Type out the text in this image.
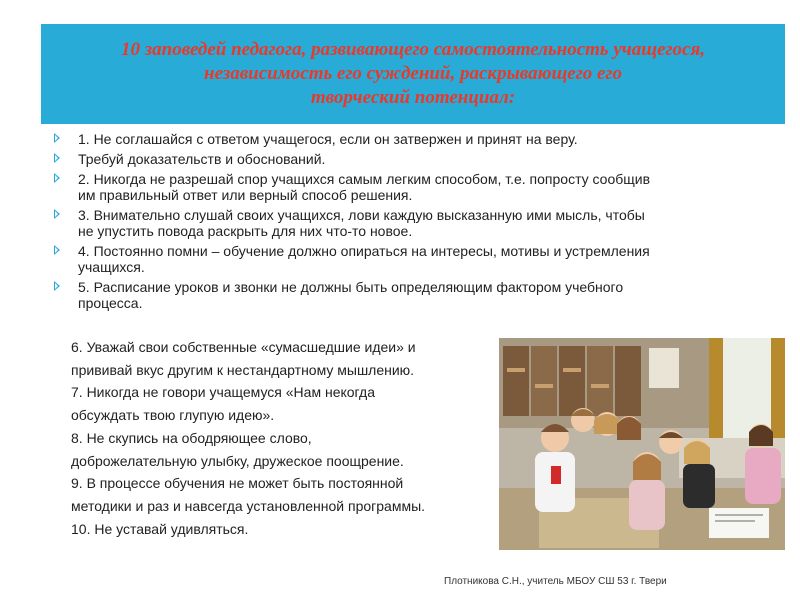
10 заповедей педагога, развивающего самостоятельность учащегося,
независимость его суждений, раскрывающего его
творческий потенциал:
1. Не соглашайся с ответом учащегося, если он затвержен и принят на веру.
Требуй доказательств и обоснований.
2. Никогда не разрешай спор учащихся самым легким способом, т.е. попросту сообщив
им правильный ответ или верный способ решения.
3. Внимательно слушай своих учащихся, лови каждую высказанную ими мысль, чтобы
не упустить повода раскрыть для них что-то новое.
4. Постоянно помни – обучение должно опираться на интересы, мотивы и устремления
учащихся.
5. Расписание уроков и звонки не должны быть определяющим фактором учебного
процесса.
6. Уважай свои собственные «сумасшедшие идеи» и
прививай вкус другим к нестандартному мышлению.
7. Никогда не говори учащемуся «Нам некогда
обсуждать твою глупую идею».
8. Не скупись на ободряющее слово,
доброжелательную улыбку, дружеское поощрение.
9. В процессе обучения не может быть постоянной
методики и раз и навсегда установленной программы.
10. Не уставай удивляться.
Плотникова С.Н., учитель МБОУ СШ 53 г. Твери
